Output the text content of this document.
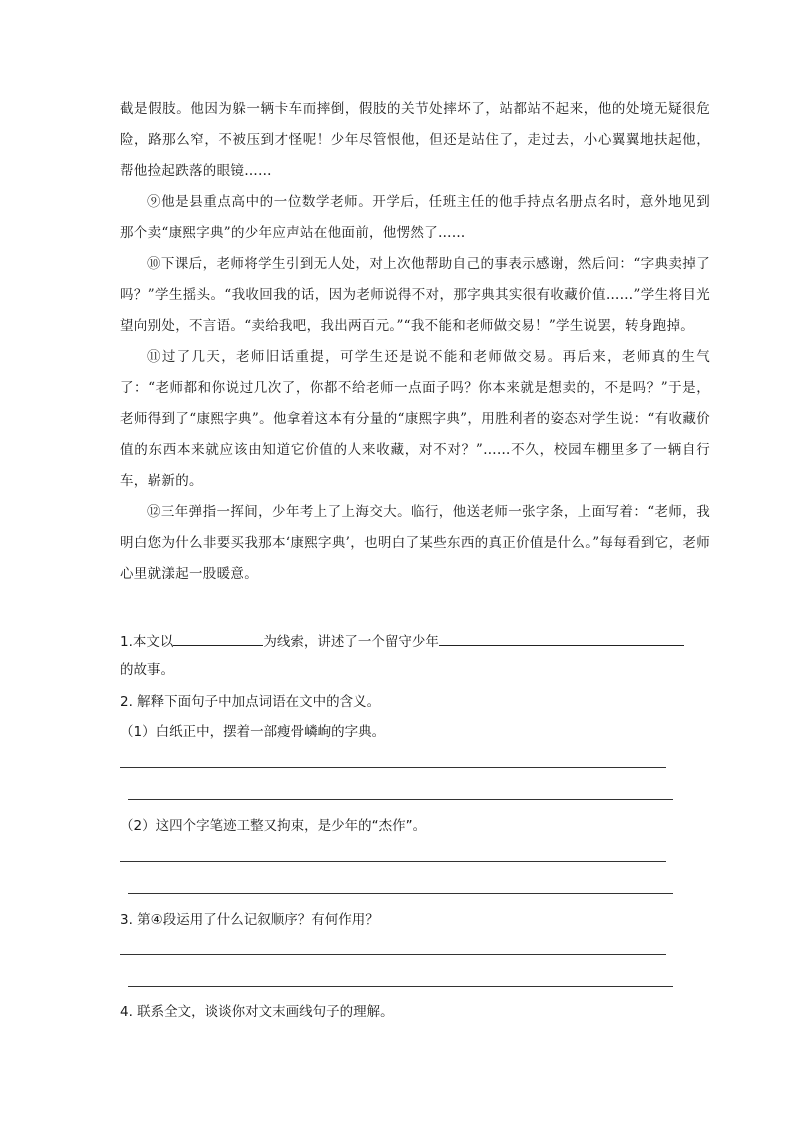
截是假肢。他因为躲一辆卡车而摔倒，假肢的关节处摔坏了，站都站不起来，他的处境无疑很危险，路那么窄，不被压到才怪呢！少年尽管恨他，但还是站住了，走过去，小心翼翼地扶起他，帮他捡起跌落的眼镜……

⑨他是县重点高中的一位数学老师。开学后，任班主任的他手持点名册点名时，意外地见到那个卖“康熙字典”的少年应声站在他面前，他愣然了……

⑩下课后，老师将学生引到无人处，对上次他帮助自己的事表示感谢，然后问：“字典卖掉了吗？”学生摇头。“我收回我的话，因为老师说得不对，那字典其实很有收藏价值……”学生将目光望向别处，不言语。“卖给我吧，我出两百元。”“我不能和老师做交易！”学生说罢，转身跑掉。

⑪过了几天，老师旧话重提，可学生还是说不能和老师做交易。再后来，老师真的生气了：“老师都和你说过几次了，你都不给老师一点面子吗？你本来就是想卖的，不是吗？”于是，老师得到了“康熙字典”。他拿着这本有分量的“康熙字典”，用胜利者的姿态对学生说：“有收藏价值的东西本来就应该由知道它价值的人来收藏，对不对？”……不久，校园车棚里多了一辆自行车，崭新的。

⑫三年弹指一挥间，少年考上了上海交大。临行，他送老师一张字条，上面写着：“老师，我明白您为什么非要买我那本‘康熙字典’，也明白了某些东西的真正价值是什么。”每每看到它，老师心里就漾起一股暖意。

1.本文以	为线索，讲述了一个留守少年
的故事。
2. 解释下面句子中加点词语在文中的含义。
（1）白纸正中，摆着一部瘦骨嶙峋的字典。
（2）这四个字笔迹工整又拘束，是少年的“杰作”。
3. 第④段运用了什么记叙顺序？有何作用？
4. 联系全文，谈谈你对文末画线句子的理解。
